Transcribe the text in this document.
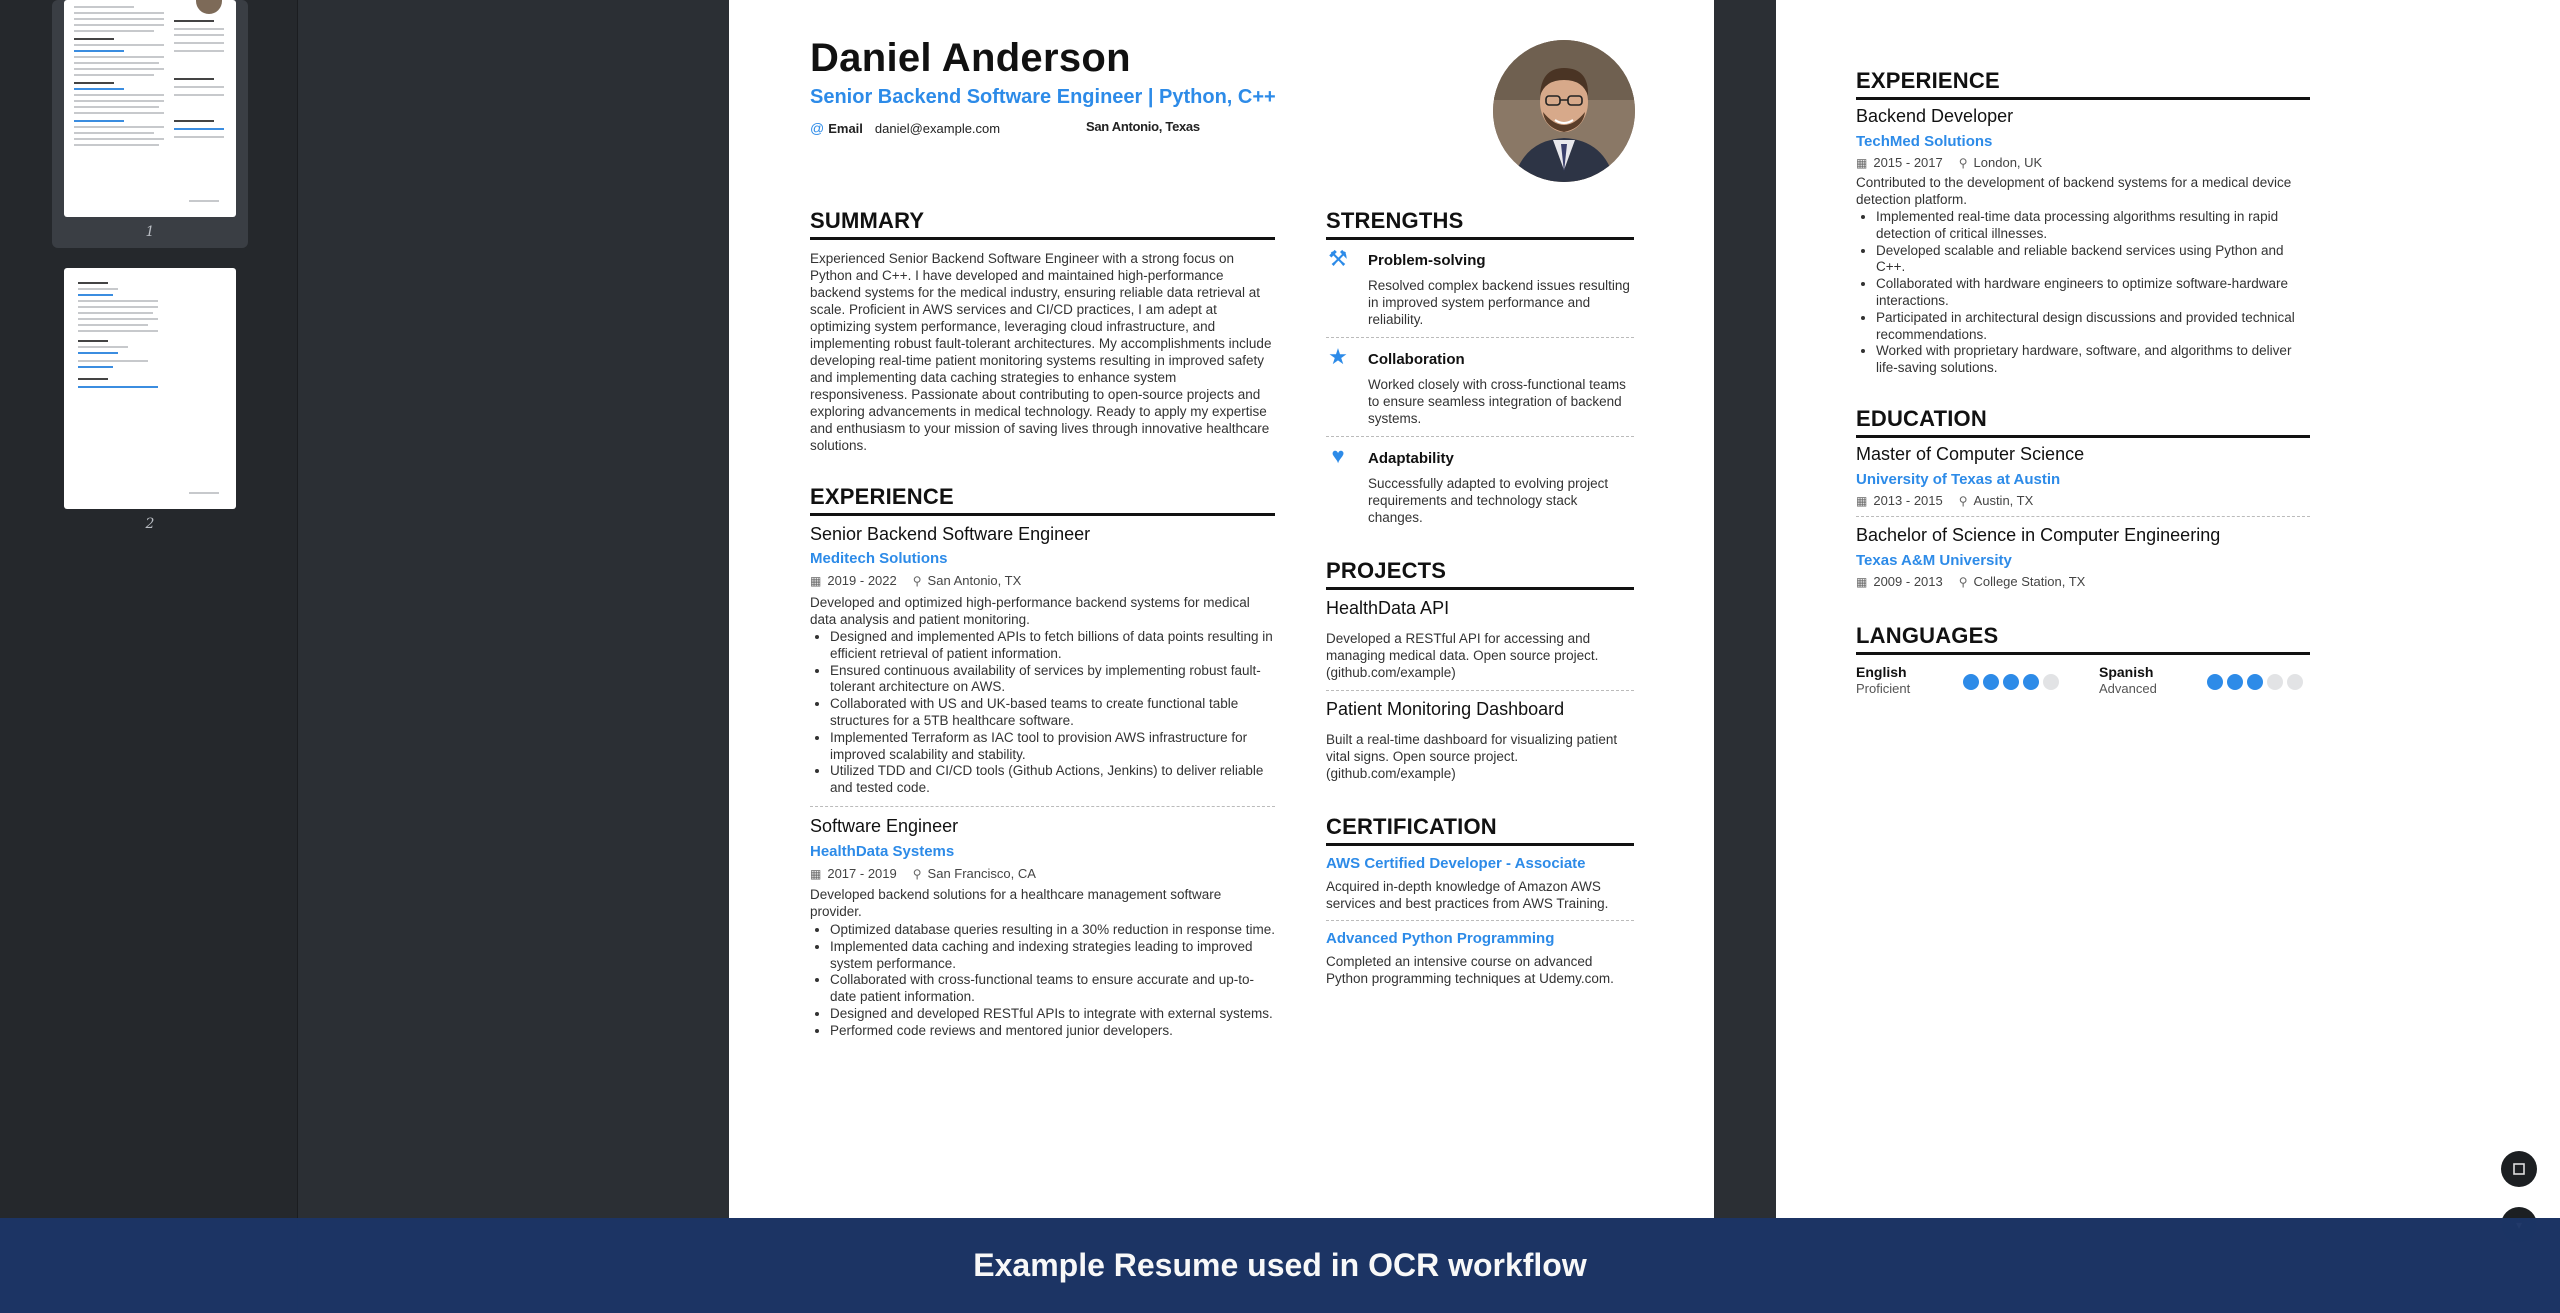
1
2
Daniel Anderson
Senior Backend Software Engineer | Python, C++
@ Email daniel@example.com	San Antonio, Texas
SUMMARY
Experienced Senior Backend Software Engineer with a strong focus on Python and C++. I have developed and maintained high-performance backend systems for the medical industry, ensuring reliable data retrieval at scale. Proficient in AWS services and CI/CD practices, I am adept at optimizing system performance, leveraging cloud infrastructure, and implementing robust fault-tolerant architectures. My accomplishments include developing real-time patient monitoring systems resulting in improved safety and implementing data caching strategies to enhance system responsiveness. Passionate about contributing to open-source projects and exploring advancements in medical technology. Ready to apply my expertise and enthusiasm to your mission of saving lives through innovative healthcare solutions.
EXPERIENCE
Senior Backend Software Engineer
Meditech Solutions
▦ 2019 - 2022 ⚲ San Antonio, TX
Developed and optimized high-performance backend systems for medical data analysis and patient monitoring.
• Designed and implemented APIs to fetch billions of data points resulting in efficient retrieval of patient information.
• Ensured continuous availability of services by implementing robust fault-tolerant architecture on AWS.
• Collaborated with US and UK-based teams to create functional table structures for a 5TB healthcare software.
• Implemented Terraform as IAC tool to provision AWS infrastructure for improved scalability and stability.
• Utilized TDD and CI/CD tools (Github Actions, Jenkins) to deliver reliable and tested code.
Software Engineer
HealthData Systems
▦ 2017 - 2019 ⚲ San Francisco, CA
Developed backend solutions for a healthcare management software provider.
• Optimized database queries resulting in a 30% reduction in response time.
• Implemented data caching and indexing strategies leading to improved system performance.
• Collaborated with cross-functional teams to ensure accurate and up-to-date patient information.
• Designed and developed RESTful APIs to integrate with external systems.
• Performed code reviews and mentored junior developers.
STRENGTHS
⚒ Problem-solving
Resolved complex backend issues resulting in improved system performance and reliability.
★ Collaboration
Worked closely with cross-functional teams to ensure seamless integration of backend systems.
♥	Adaptability
Successfully adapted to evolving project requirements and technology stack changes.
PROJECTS
HealthData API
Developed a RESTful API for accessing and managing medical data. Open source project. (github.com/example)
Patient Monitoring Dashboard
Built a real-time dashboard for visualizing patient vital signs. Open source project. (github.com/example)
CERTIFICATION
AWS Certified Developer - Associate
Acquired in-depth knowledge of Amazon AWS services and best practices from AWS Training.
Advanced Python Programming
Completed an intensive course on advanced Python programming techniques at Udemy.com.
EXPERIENCE
Backend Developer
TechMed Solutions
▦ 2015 - 2017 ⚲ London, UK
Contributed to the development of backend systems for a medical device detection platform.
• Implemented real-time data processing algorithms resulting in rapid detection of critical illnesses.
• Developed scalable and reliable backend services using Python and C++.
• Collaborated with hardware engineers to optimize software-hardware interactions.
• Participated in architectural design discussions and provided technical recommendations.
• Worked with proprietary hardware, software, and algorithms to deliver life-saving solutions.
EDUCATION
Master of Computer Science
University of Texas at Austin
▦ 2013 - 2015 ⚲ Austin, TX
Bachelor of Science in Computer Engineering
Texas A&M University
▦ 2009 - 2013 ⚲ College Station, TX
LANGUAGES
English
Proficient
Spanish
Advanced
Example Resume used in OCR workflow
